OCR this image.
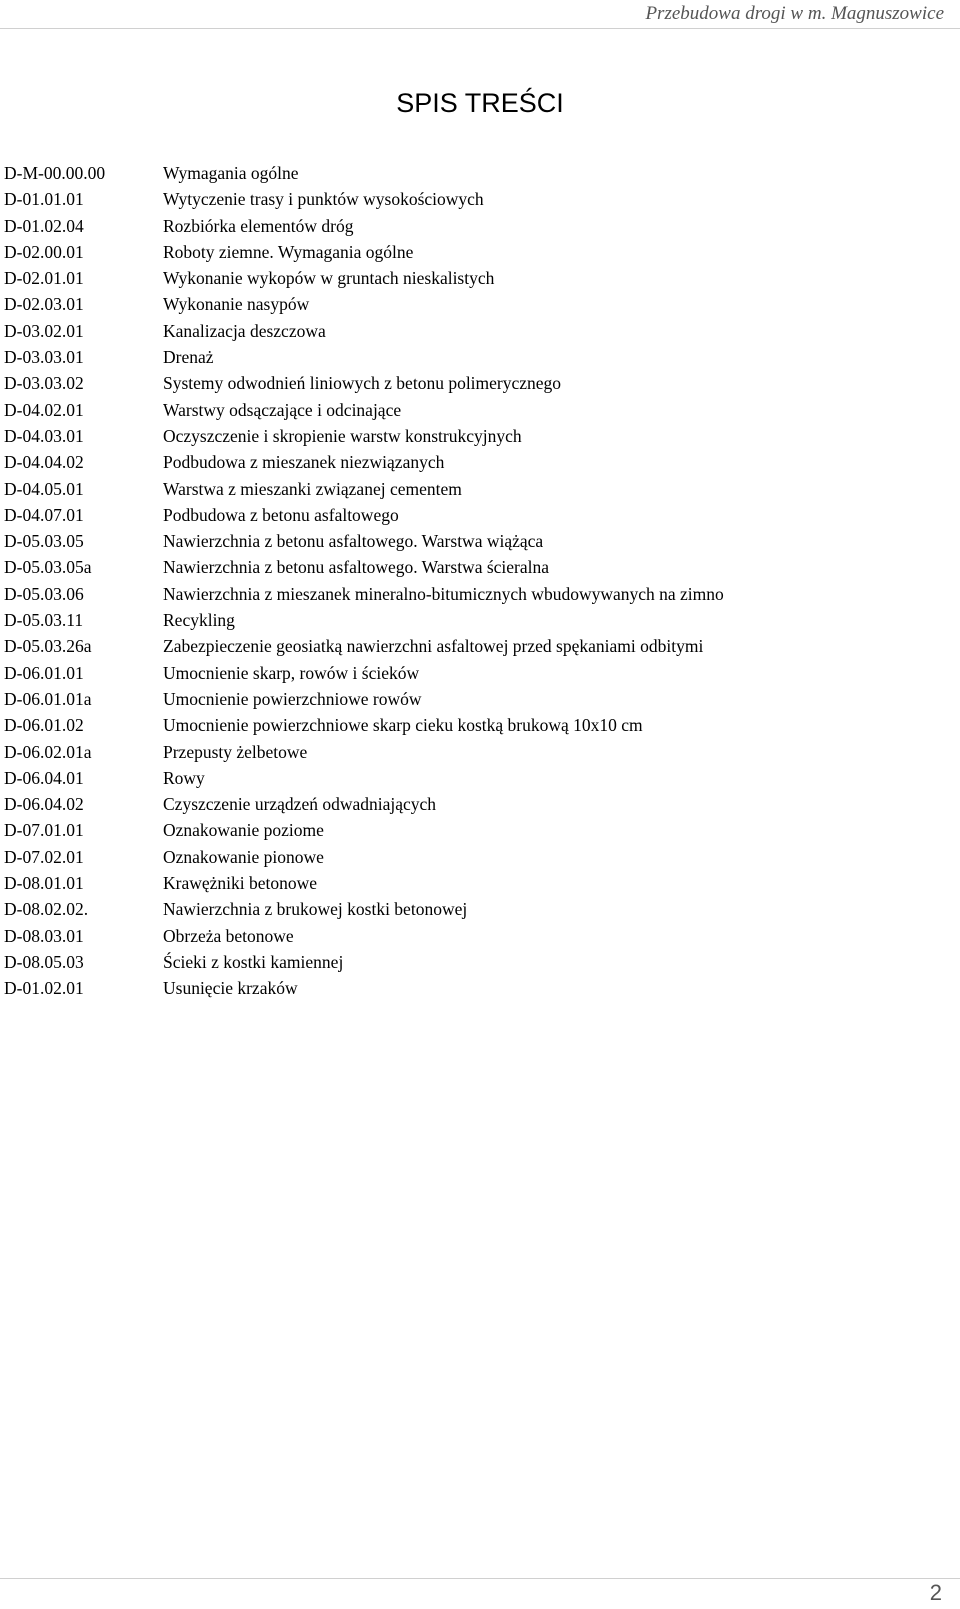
Przebudowa drogi w m. Magnuszowice
SPIS TREŚCI
D-M-00.00.00	Wymagania ogólne
D-01.01.01	Wytyczenie trasy i punktów wysokościowych
D-01.02.04	Rozbiórka elementów dróg
D-02.00.01	Roboty ziemne. Wymagania ogólne
D-02.01.01	Wykonanie wykopów w gruntach nieskalistych
D-02.03.01	Wykonanie nasypów
D-03.02.01	Kanalizacja deszczowa
D-03.03.01	Drenaż
D-03.03.02	Systemy odwodnień liniowych z betonu polimerycznego
D-04.02.01	Warstwy odsączające i odcinające
D-04.03.01	Oczyszczenie i skropienie warstw konstrukcyjnych
D-04.04.02	Podbudowa z mieszanek niezwiązanych
D-04.05.01	Warstwa z mieszanki związanej cementem
D-04.07.01	Podbudowa z betonu asfaltowego
D-05.03.05	Nawierzchnia z betonu asfaltowego. Warstwa wiążąca
D-05.03.05a	Nawierzchnia z betonu asfaltowego. Warstwa ścieralna
D-05.03.06	Nawierzchnia z mieszanek mineralno-bitumicznych wbudowywanych na zimno
D-05.03.11	Recykling
D-05.03.26a	Zabezpieczenie geosiatką nawierzchni asfaltowej przed spękaniami odbitymi
D-06.01.01	Umocnienie skarp, rowów i ścieków
D-06.01.01a	Umocnienie powierzchniowe rowów
D-06.01.02	Umocnienie powierzchniowe skarp cieku kostką brukową 10x10 cm
D-06.02.01a	Przepusty żelbetowe
D-06.04.01	Rowy
D-06.04.02	Czyszczenie urządzeń odwadniających
D-07.01.01	Oznakowanie poziome
D-07.02.01	Oznakowanie pionowe
D-08.01.01	Krawężniki betonowe
D-08.02.02.	Nawierzchnia z brukowej kostki betonowej
D-08.03.01	Obrzeża betonowe
D-08.05.03	Ścieki z kostki kamiennej
D-01.02.01	Usunięcie krzaków
2
